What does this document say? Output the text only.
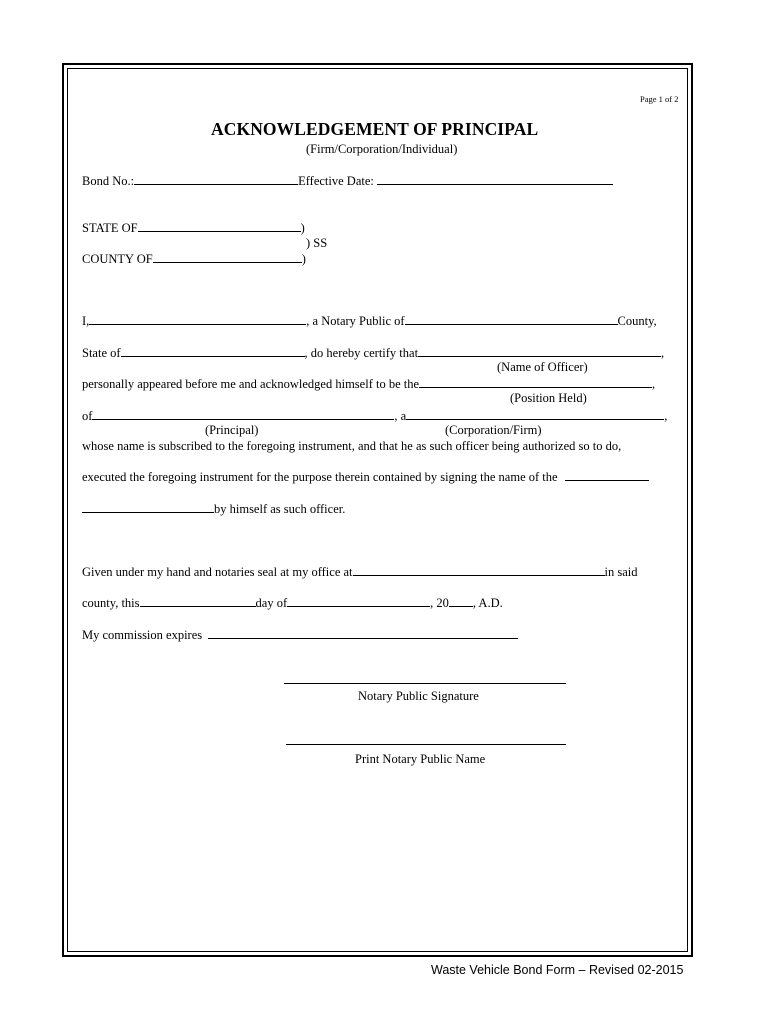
Page 1 of 2
ACKNOWLEDGEMENT OF PRINCIPAL
(Firm/Corporation/Individual)
Bond No.:	Effective Date:
STATE OF	)
) SS
COUNTY OF	)
I,	, a Notary Public of	County,
State of	, do hereby certify that	,
(Name of Officer)
personally appeared before me and acknowledged himself to be the	,
(Position Held)
of	, a	,
(Principal)	(Corporation/Firm)
whose name is subscribed to the foregoing instrument, and that he as such officer being authorized so to do,
executed the foregoing instrument for the purpose therein contained by signing the name of the
by himself as such officer.
Given under my hand and notaries seal at my office at	in said
county, this	day of	, 20 , A.D.
My commission expires
Notary Public Signature
Print Notary Public Name
Waste Vehicle Bond Form – Revised 02-2015
